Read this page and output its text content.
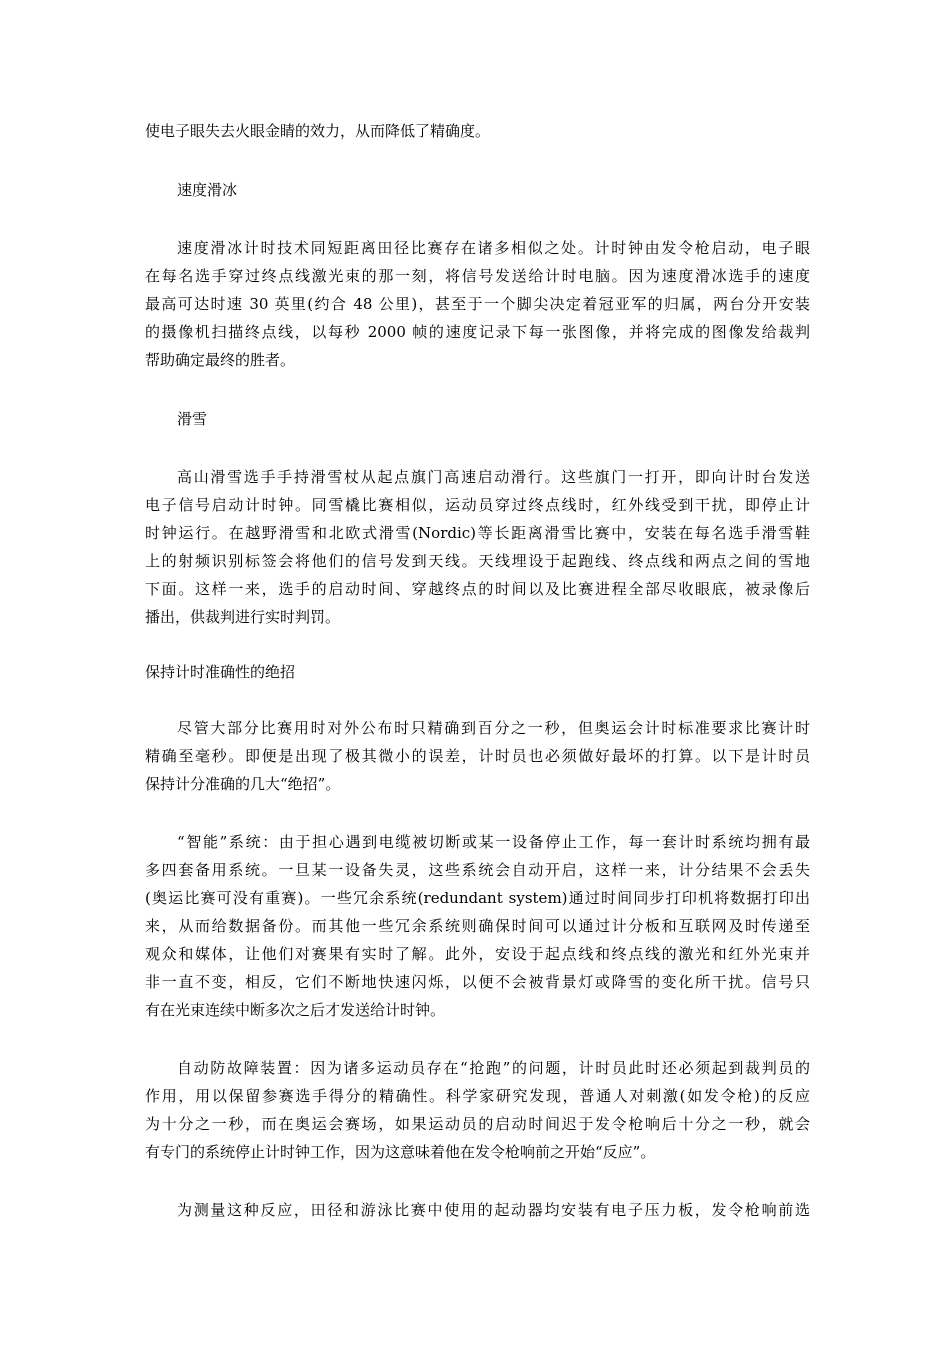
使电子眼失去火眼金睛的效力，从而降低了精确度。
速度滑冰
速度滑冰计时技术同短距离田径比赛存在诸多相似之处。计时钟由发令枪启动，电子眼
在每名选手穿过终点线激光束的那一刻，将信号发送给计时电脑。因为速度滑冰选手的速度
最高可达时速 30 英里(约合 48 公里)，甚至于一个脚尖决定着冠亚军的归属，两台分开安装
的摄像机扫描终点线，以每秒 2000 帧的速度记录下每一张图像，并将完成的图像发给裁判
帮助确定最终的胜者。
滑雪
高山滑雪选手手持滑雪杖从起点旗门高速启动滑行。这些旗门一打开，即向计时台发送
电子信号启动计时钟。同雪橇比赛相似，运动员穿过终点线时，红外线受到干扰，即停止计
时钟运行。在越野滑雪和北欧式滑雪(Nordic)等长距离滑雪比赛中，安装在每名选手滑雪鞋
上的射频识别标签会将他们的信号发到天线。天线埋设于起跑线、终点线和两点之间的雪地
下面。这样一来，选手的启动时间、穿越终点的时间以及比赛进程全部尽收眼底，被录像后
播出，供裁判进行实时判罚。
保持计时准确性的绝招
尽管大部分比赛用时对外公布时只精确到百分之一秒，但奥运会计时标准要求比赛计时
精确至毫秒。即便是出现了极其微小的误差，计时员也必须做好最坏的打算。以下是计时员
保持计分准确的几大“绝招”。
“智能”系统：由于担心遇到电缆被切断或某一设备停止工作，每一套计时系统均拥有最
多四套备用系统。一旦某一设备失灵，这些系统会自动开启，这样一来，计分结果不会丢失
(奥运比赛可没有重赛)。一些冗余系统(redundant system)通过时间同步打印机将数据打印出
来，从而给数据备份。而其他一些冗余系统则确保时间可以通过计分板和互联网及时传递至
观众和媒体，让他们对赛果有实时了解。此外，安设于起点线和终点线的激光和红外光束并
非一直不变，相反，它们不断地快速闪烁，以便不会被背景灯或降雪的变化所干扰。信号只
有在光束连续中断多次之后才发送给计时钟。
自动防故障装置：因为诸多运动员存在“抢跑”的问题，计时员此时还必须起到裁判员的
作用，用以保留参赛选手得分的精确性。科学家研究发现，普通人对刺激(如发令枪)的反应
为十分之一秒，而在奥运会赛场，如果运动员的启动时间迟于发令枪响后十分之一秒，就会
有专门的系统停止计时钟工作，因为这意味着他在发令枪响前之开始“反应”。
为测量这种反应，田径和游泳比赛中使用的起动器均安装有电子压力板，发令枪响前选
